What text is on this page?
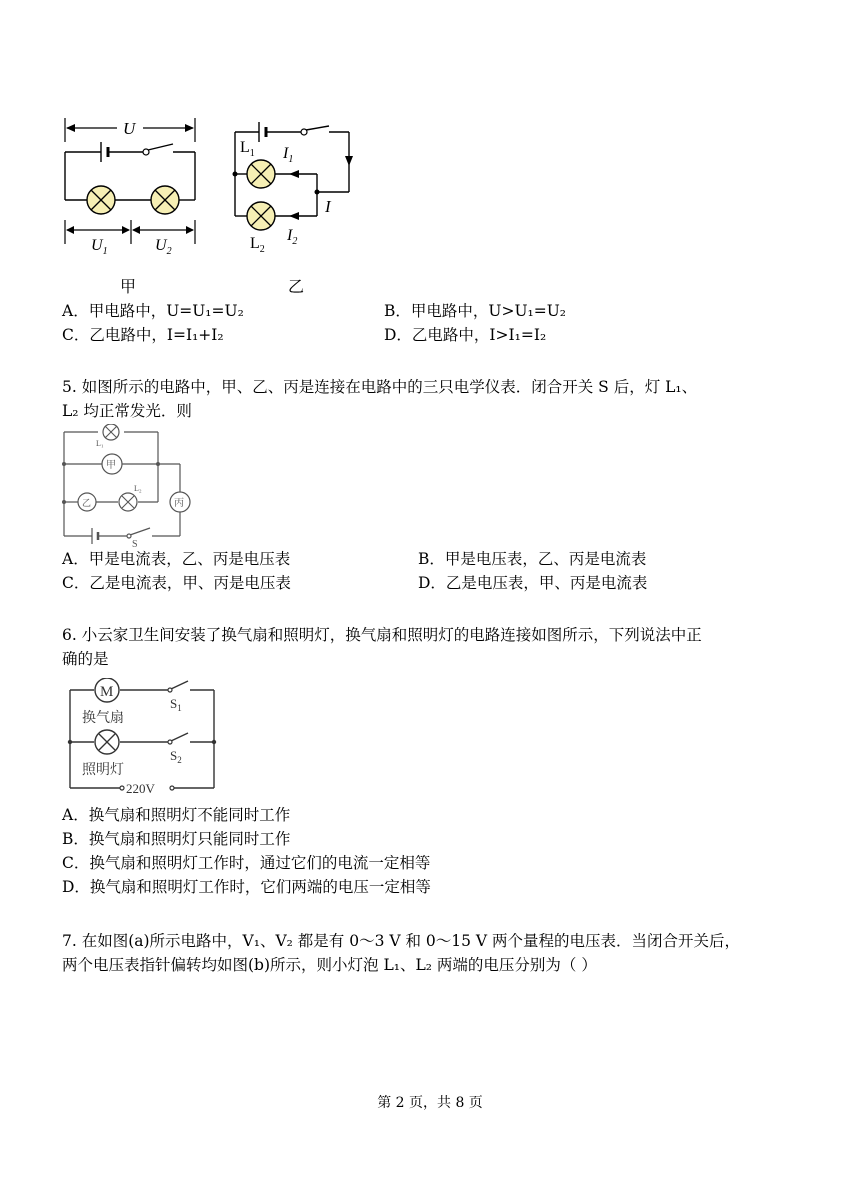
U
$U_1$	$U_2$
$L_1$ $I_1$
I
$L_2$
$I_2$
甲	乙
A．甲电路中，U=U₁=U₂	B．甲电路中，U>U₁=U₂
C．乙电路中，I=I₁+I₂	D．乙电路中，I>I₁=I₂
5. 如图所示的电路中，甲、乙、丙是连接在电路中的三只电学仪表．闭合开关 S 后，灯 L₁、
L₂ 均正常发光．则
L₁
甲
乙
L₂
丙
S
A．甲是电流表，乙、丙是电压表	B．甲是电压表，乙、丙是电流表
C．乙是电流表，甲、丙是电压表	D．乙是电压表，甲、丙是电流表
6. 小云家卫生间安装了换气扇和照明灯，换气扇和照明灯的电路连接如图所示，下列说法中正
确的是
M
换气扇
照明灯
$S_1$
$S_2$
220V
A．换气扇和照明灯不能同时工作
B．换气扇和照明灯只能同时工作
C．换气扇和照明灯工作时，通过它们的电流一定相等
D．换气扇和照明灯工作时，它们两端的电压一定相等
7. 在如图(a)所示电路中，V₁、V₂ 都是有 0～3 V 和 0～15 V 两个量程的电压表．当闭合开关后，
两个电压表指针偏转均如图(b)所示，则小灯泡 L₁、L₂ 两端的电压分别为（ ）
第 2 页，共 8 页
